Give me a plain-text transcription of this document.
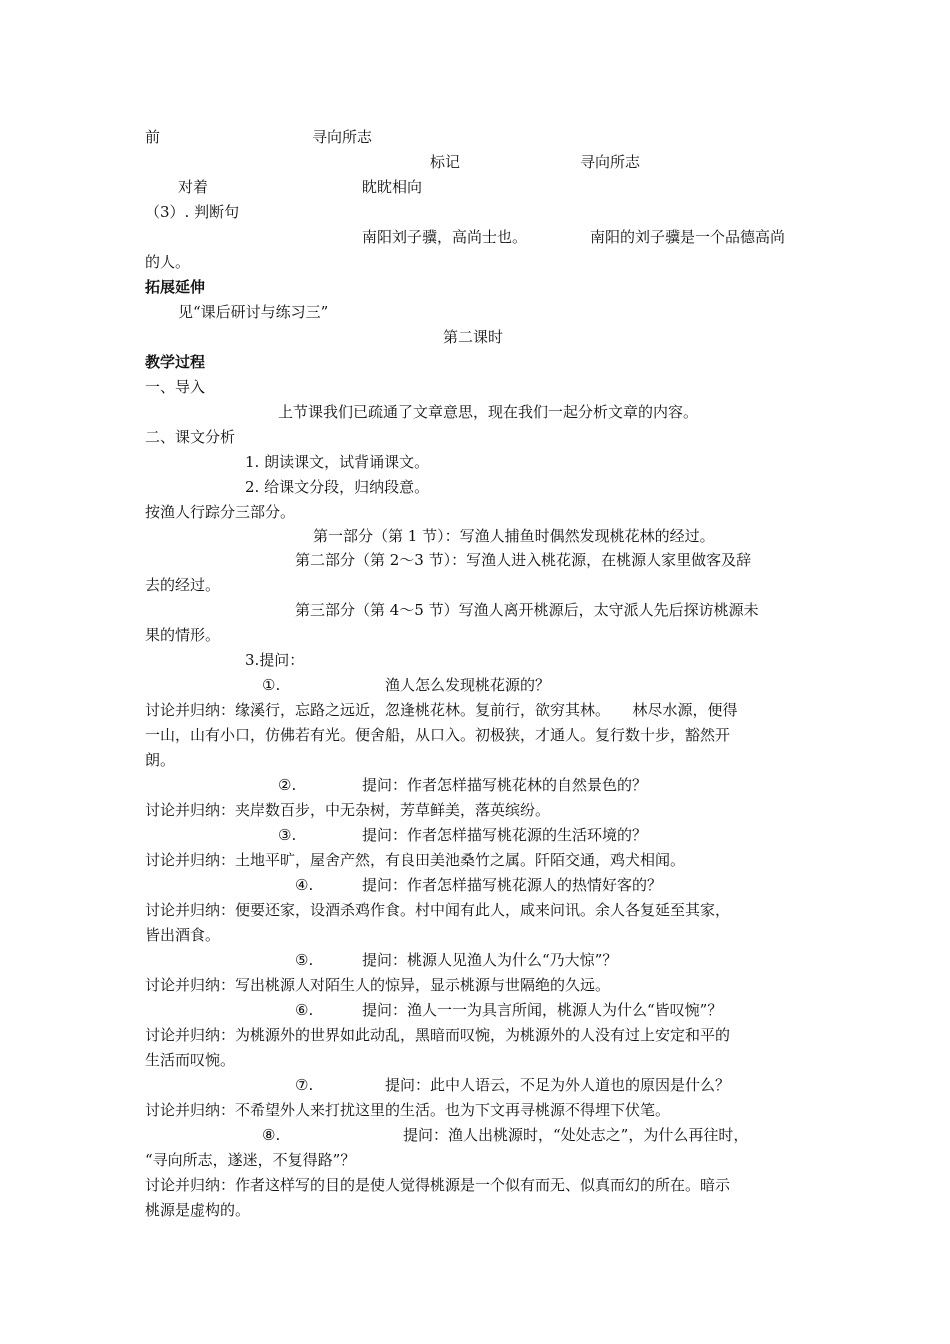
前	寻向所志
标记	寻向所志
对着	眈眈相向
（3）. 判断句
南阳刘子骥，高尚士也。	南阳的刘子骥是一个品德高尚
的人。
拓展延伸
见“课后研讨与练习三”
第二课时
教学过程
一、导入
上节课我们已疏通了文章意思，现在我们一起分析文章的内容。
二、课文分析
1. 朗读课文，试背诵课文。
2. 给课文分段，归纳段意。
按渔人行踪分三部分。
第一部分（第 1 节）：写渔人捕鱼时偶然发现桃花林的经过。
第二部分（第 2～3 节）：写渔人进入桃花源，在桃源人家里做客及辞
去的经过。
第三部分（第 4～5 节）写渔人离开桃源后，太守派人先后探访桃源未
果的情形。
3.提问：
①.	渔人怎么发现桃花源的？
讨论并归纳：缘溪行，忘路之远近，忽逢桃花林。复前行，欲穷其林。　　林尽水源，便得
一山，山有小口，仿佛若有光。便舍船，从口入。初极狭，才通人。复行数十步，豁然开
朗。
②.	提问：作者怎样描写桃花林的自然景色的？
讨论并归纳：夹岸数百步，中无杂树，芳草鲜美，落英缤纷。
③.	提问：作者怎样描写桃花源的生活环境的？
讨论并归纳：土地平旷，屋舍产然，有良田美池桑竹之属。阡陌交通，鸡犬相闻。
④.	提问：作者怎样描写桃花源人的热情好客的？
讨论并归纳：便要还家，设酒杀鸡作食。村中闻有此人，咸来问讯。余人各复延至其家，
皆出酒食。
⑤.	提问：桃源人见渔人为什么“乃大惊”？
讨论并归纳：写出桃源人对陌生人的惊异，显示桃源与世隔绝的久远。
⑥.	提问：渔人一一为具言所闻，桃源人为什么“皆叹惋”？
讨论并归纳：为桃源外的世界如此动乱，黑暗而叹惋，为桃源外的人没有过上安定和平的
生活而叹惋。
⑦.	提问：此中人语云，不足为外人道也的原因是什么？
讨论并归纳：不希望外人来打扰这里的生活。也为下文再寻桃源不得埋下伏笔。
⑧.	提问：渔人出桃源时，“处处志之”，为什么再往时，
“寻向所志，遂迷，不复得路”？
讨论并归纳：作者这样写的目的是使人觉得桃源是一个似有而无、似真而幻的所在。暗示
桃源是虚构的。
